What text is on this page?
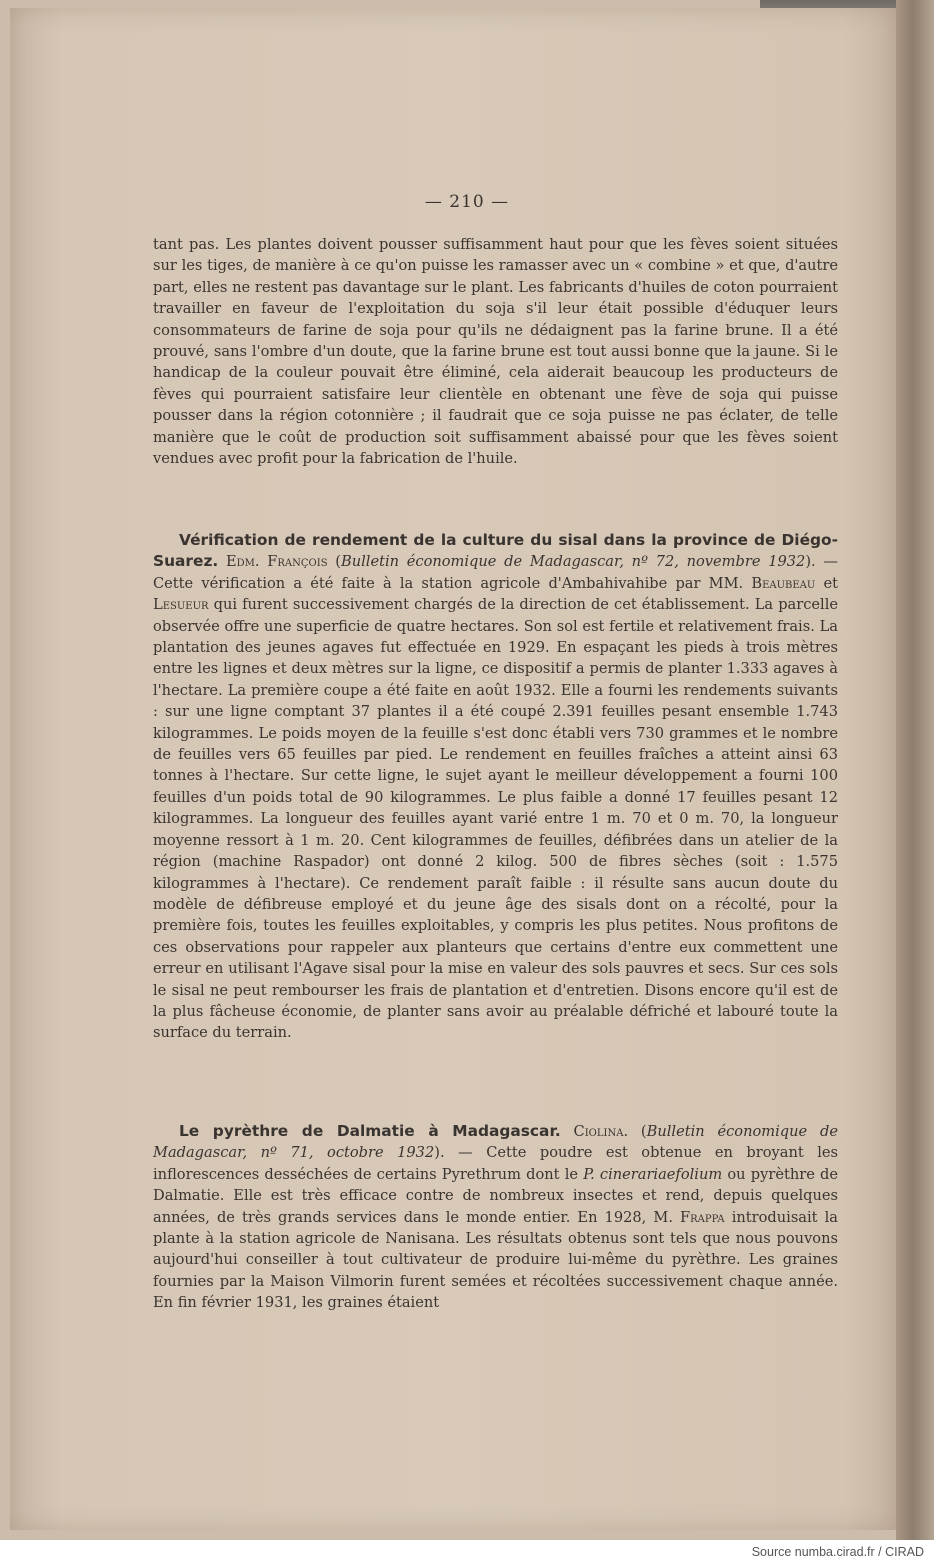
— 210 —

tant pas. Les plantes doivent pousser suffisamment haut pour que les fèves soient situées sur les tiges, de manière à ce qu'on puisse les ramasser avec un « combine » et que, d'autre part, elles ne restent pas davantage sur le plant. Les fabricants d'huiles de coton pourraient travailler en faveur de l'exploitation du soja s'il leur était possible d'éduquer leurs consommateurs de farine de soja pour qu'ils ne dédaignent pas la farine brune. Il a été prouvé, sans l'ombre d'un doute, que la farine brune est tout aussi bonne que la jaune. Si le handicap de la couleur pouvait être éliminé, cela aiderait beaucoup les producteurs de fèves qui pourraient satisfaire leur clientèle en obtenant une fève de soja qui puisse pousser dans la région cotonnière ; il faudrait que ce soja puisse ne pas éclater, de telle manière que le coût de production soit suffisamment abaissé pour que les fèves soient vendues avec profit pour la fabrication de l'huile.

Vérification de rendement de la culture du sisal dans la province de Diégo-Suarez. Edm. François (Bulletin économique de Madagascar, nº 72, novembre 1932). — Cette vérification a été faite à la station agricole d'Ambahivahibe par MM. Beaubeau et Lesueur qui furent successivement chargés de la direction de cet établissement. La parcelle observée offre une superficie de quatre hectares. Son sol est fertile et relativement frais. La plantation des jeunes agaves fut effectuée en 1929. En espaçant les pieds à trois mètres entre les lignes et deux mètres sur la ligne, ce dispositif a permis de planter 1.333 agaves à l'hectare. La première coupe a été faite en août 1932. Elle a fourni les rendements suivants : sur une ligne comptant 37 plantes il a été coupé 2.391 feuilles pesant ensemble 1.743 kilogrammes. Le poids moyen de la feuille s'est donc établi vers 730 grammes et le nombre de feuilles vers 65 feuilles par pied. Le rendement en feuilles fraîches a atteint ainsi 63 tonnes à l'hectare. Sur cette ligne, le sujet ayant le meilleur développement a fourni 100 feuilles d'un poids total de 90 kilogrammes. Le plus faible a donné 17 feuilles pesant 12 kilogrammes. La longueur des feuilles ayant varié entre 1 m. 70 et 0 m. 70, la longueur moyenne ressort à 1 m. 20. Cent kilogrammes de feuilles, défibrées dans un atelier de la région (machine Raspador) ont donné 2 kilog. 500 de fibres sèches (soit : 1.575 kilogrammes à l'hectare). Ce rendement paraît faible : il résulte sans aucun doute du modèle de défibreuse employé et du jeune âge des sisals dont on a récolté, pour la première fois, toutes les feuilles exploitables, y compris les plus petites. Nous profitons de ces observations pour rappeler aux planteurs que certains d'entre eux commettent une erreur en utilisant l'Agave sisal pour la mise en valeur des sols pauvres et secs. Sur ces sols le sisal ne peut rembourser les frais de plantation et d'entretien. Disons encore qu'il est de la plus fâcheuse économie, de planter sans avoir au préalable défriché et labouré toute la surface du terrain.

Le pyrèthre de Dalmatie à Madagascar. Ciolina. (Bulletin économique de Madagascar, nº 71, octobre 1932). — Cette poudre est obtenue en broyant les inflorescences desséchées de certains Pyrethrum dont le P. cinerariaefolium ou pyrèthre de Dalmatie. Elle est très efficace contre de nombreux insectes et rend, depuis quelques années, de très grands services dans le monde entier. En 1928, M. Frappa introduisait la plante à la station agricole de Nanisana. Les résultats obtenus sont tels que nous pouvons aujourd'hui conseiller à tout cultivateur de produire lui-même du pyrèthre. Les graines fournies par la Maison Vilmorin furent semées et récoltées successivement chaque année. En fin février 1931, les graines étaient

Source numba.cirad.fr / CIRAD
